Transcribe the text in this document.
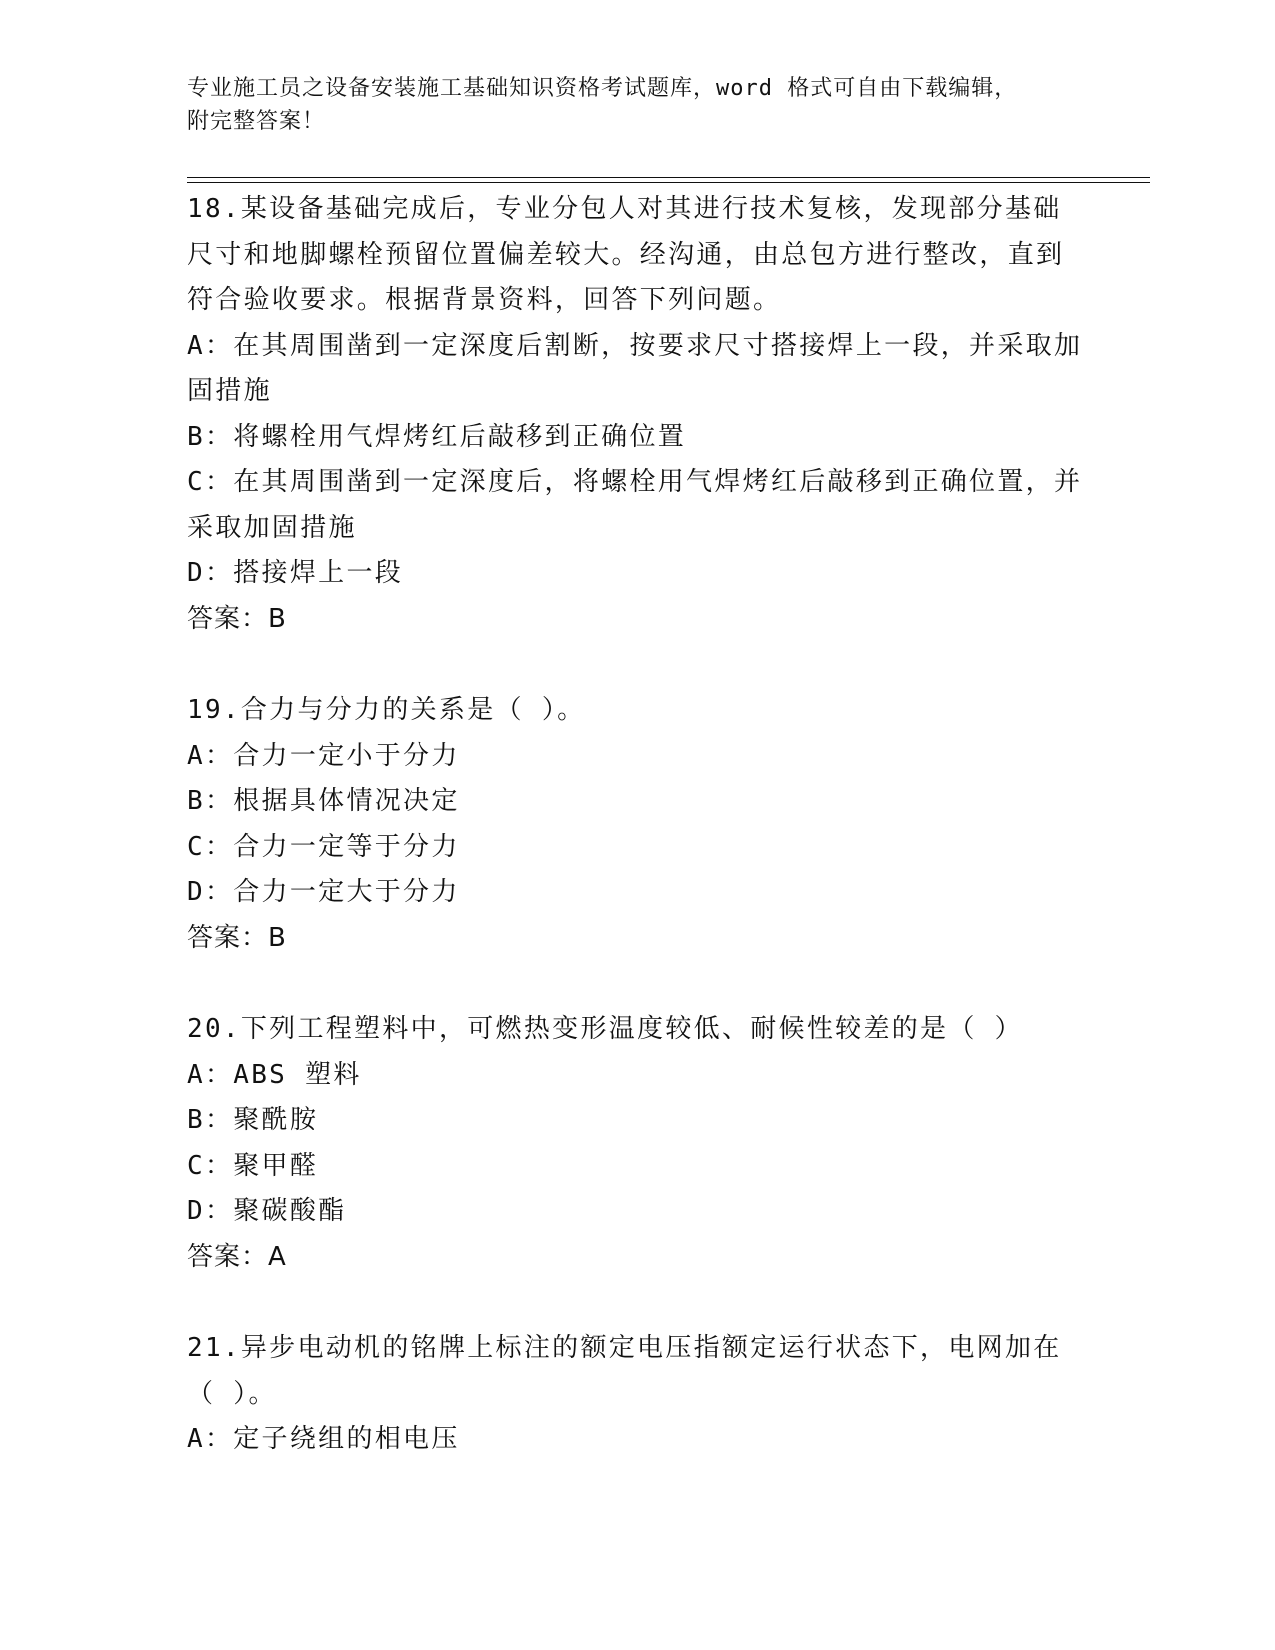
专业施工员之设备安装施工基础知识资格考试题库，word 格式可自由下载编辑，
附完整答案！
18.某设备基础完成后，专业分包人对其进行技术复核，发现部分基础尺寸和地脚螺栓预留位置偏差较大。经沟通，由总包方进行整改，直到符合验收要求。根据背景资料，回答下列问题。
A：在其周围凿到一定深度后割断，按要求尺寸搭接焊上一段，并采取加固措施
B：将螺栓用气焊烤红后敲移到正确位置
C：在其周围凿到一定深度后，将螺栓用气焊烤红后敲移到正确位置，并采取加固措施
D：搭接焊上一段
答案：B
19.合力与分力的关系是（ ）。
A：合力一定小于分力
B：根据具体情况决定
C：合力一定等于分力
D：合力一定大于分力
答案：B
20.下列工程塑料中，可燃热变形温度较低、耐候性较差的是（ ）
A：ABS 塑料
B：聚酰胺
C：聚甲醛
D：聚碳酸酯
答案：A
21.异步电动机的铭牌上标注的额定电压指额定运行状态下，电网加在（ ）。
A：定子绕组的相电压
